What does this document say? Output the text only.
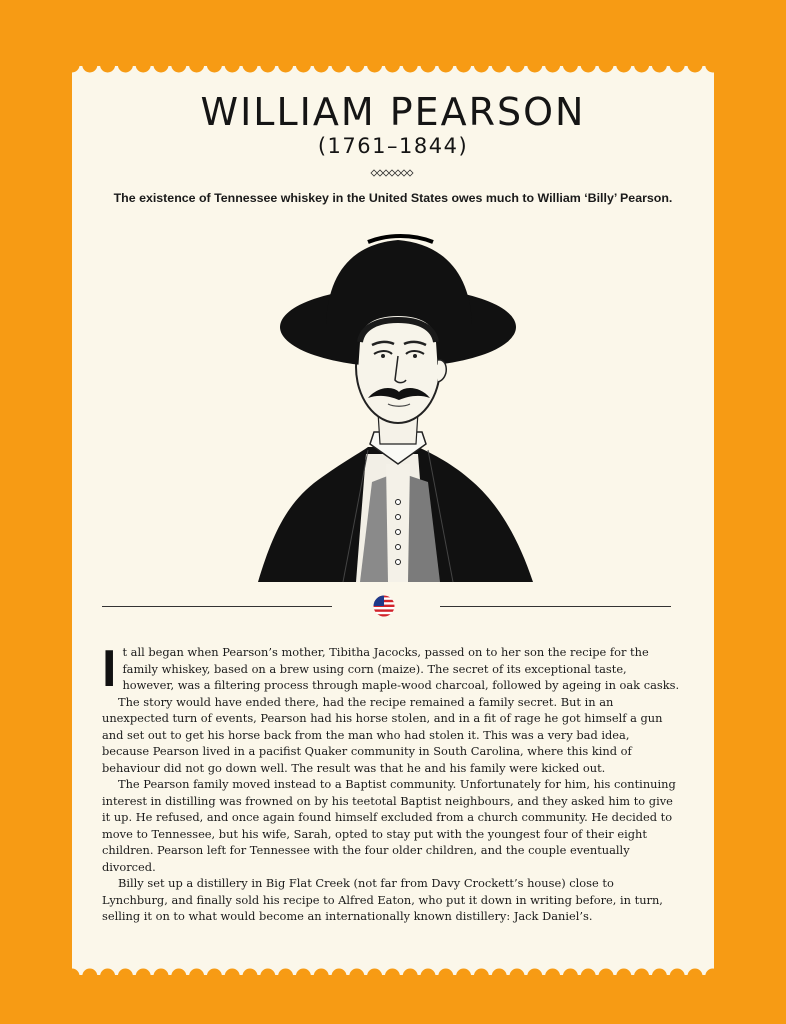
WILLIAM PEARSON
(1761–1844)
The existence of Tennessee whiskey in the United States owes much to William ‘Billy’ Pearson.

It all began when Pearson’s mother, Tibitha Jacocks, passed on to her son the recipe for the family whiskey, based on a brew using corn (maize). The secret of its exceptional taste, however, was a filtering process through maple-wood charcoal, followed by ageing in oak casks.

The story would have ended there, had the recipe remained a family secret. But in an unexpected turn of events, Pearson had his horse stolen, and in a fit of rage he got himself a gun and set out to get his horse back from the man who had stolen it. This was a very bad idea, because Pearson lived in a pacifist Quaker community in South Carolina, where this kind of behaviour did not go down well. The result was that he and his family were kicked out.

The Pearson family moved instead to a Baptist community. Unfortunately for him, his continuing interest in distilling was frowned on by his teetotal Baptist neighbours, and they asked him to give it up. He refused, and once again found himself excluded from a church community. He decided to move to Tennessee, but his wife, Sarah, opted to stay put with the youngest four of their eight children. Pearson left for Tennessee with the four older children, and the couple eventually divorced.

Billy set up a distillery in Big Flat Creek (not far from Davy Crockett’s house) close to Lynchburg, and finally sold his recipe to Alfred Eaton, who put it down in writing before, in turn, selling it on to what would become an internationally known distillery: Jack Daniel’s.
